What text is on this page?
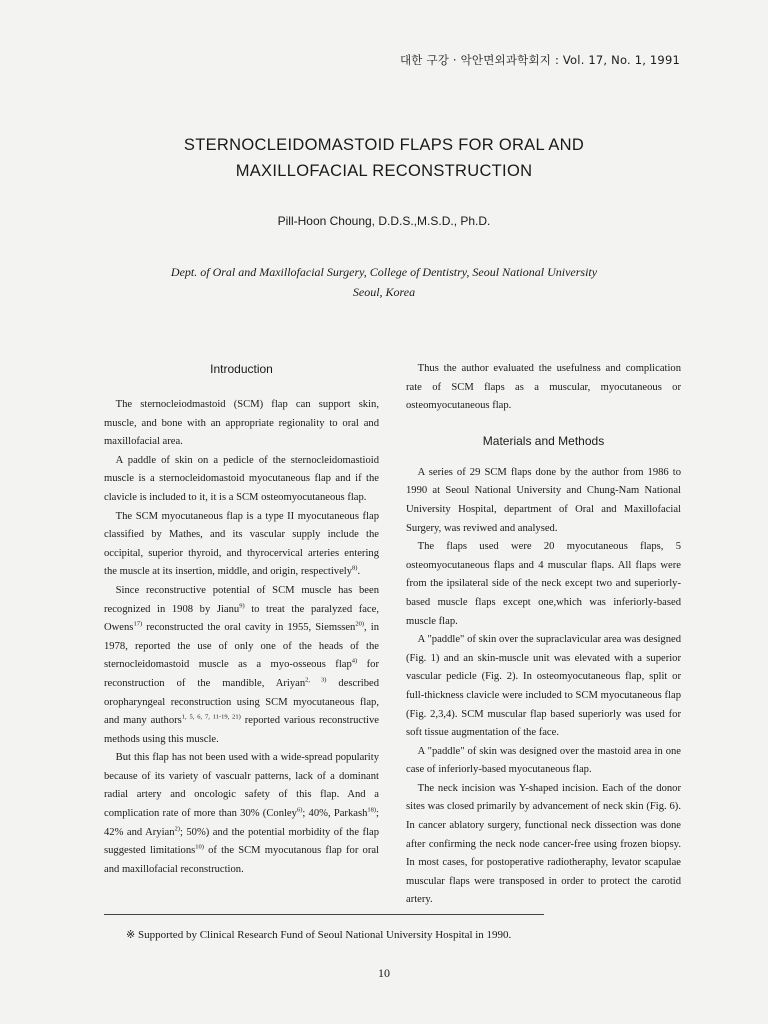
대한 구강 · 악안면외과학회지 : Vol. 17, No. 1, 1991
STERNOCLEIDOMASTOID FLAPS FOR ORAL AND
MAXILLOFACIAL RECONSTRUCTION
Pill-Hoon Choung, D.D.S.,M.S.D., Ph.D.
Dept. of Oral and Maxillofacial Surgery, College of Dentistry, Seoul National University
Seoul, Korea
Introduction

The sternocleiodmastoid (SCM) flap can support skin, muscle, and bone with an appropriate regionality to oral and maxillofacial area.

A paddle of skin on a pedicle of the sternocleidomastioid muscle is a sternocleidomastoid myocutaneous flap and if the clavicle is included to it, it is a SCM osteomyocutaneous flap.

The SCM myocutaneous flap is a type II myocutaneous flap classified by Mathes, and its vascular supply include the occipital, superior thyroid, and thyrocervical arteries entering the muscle at its insertion, middle, and origin, respectively$^{8)}$.

Since reconstructive potential of SCM muscle has been recognized in 1908 by Jianu$^{9)}$ to treat the paralyzed face, Owens$^{17)}$ reconstructed the oral cavity in 1955, Siemssen$^{20)}$, in 1978, reported the use of only one of the heads of the sternocleidomastoid muscle as a myo-osseous flap$^{4)}$ for reconstruction of the mandible, Ariyan$^{2, 3)}$ described oropharyngeal reconstruction using SCM myocutaneous flap, and many authors$^{1, 5, 6, 7, 11-19, 21)}$ reported various reconstructive methods using this muscle.

But this flap has not been used with a wide-spread popularity because of its variety of vascualr patterns, lack of a dominant radial artery and oncologic safety of this flap. And a complication rate of more than 30% (Conley$^{6)}$; 40%, Parkash$^{18)}$; 42% and Aryian$^{2)}$; 50%) and the potential morbidity of the flap suggested limitations$^{10)}$ of the SCM myocutanous flap for oral and maxillofacial reconstruction.

Thus the author evaluated the usefulness and complication rate of SCM flaps as a muscular, myocutaneous or osteomyocutaneous flap.

Materials and Methods

A series of 29 SCM flaps done by the author from 1986 to 1990 at Seoul National University and Chung-Nam National University Hospital, department of Oral and Maxillofacial Surgery, was reviwed and analysed.

The flaps used were 20 myocutaneous flaps, 5 osteomyocutaneous flaps and 4 muscular flaps. All flaps were from the ipsilateral side of the neck except two and superiorly-based muscle flaps except one,which was inferiorly-based muscle flap.

A "paddle" of skin over the supraclavicular area was designed (Fig. 1) and an skin-muscle unit was elevated with a superior vascular pedicle (Fig. 2). In osteomyocutaneous flap, split or full-thickness clavicle were included to SCM myocutaneous flap (Fig. 2,3,4). SCM muscular flap based superiorly was used for soft tissue augmentation of the face.

A "paddle" of skin was designed over the mastoid area in one case of inferiorly-based myocutaneous flap.

The neck incision was Y-shaped incision. Each of the donor sites was closed primarily by advancement of neck skin (Fig. 6). In cancer ablatory surgery, functional neck dissection was done after confirming the neck node cancer-free using frozen biopsy. In most cases, for postoperative radiotheraphy, levator scapulae muscular flaps were transposed in order to protect the carotid artery.

※ Supported by Clinical Research Fund of Seoul National University Hospital in 1990.
10
